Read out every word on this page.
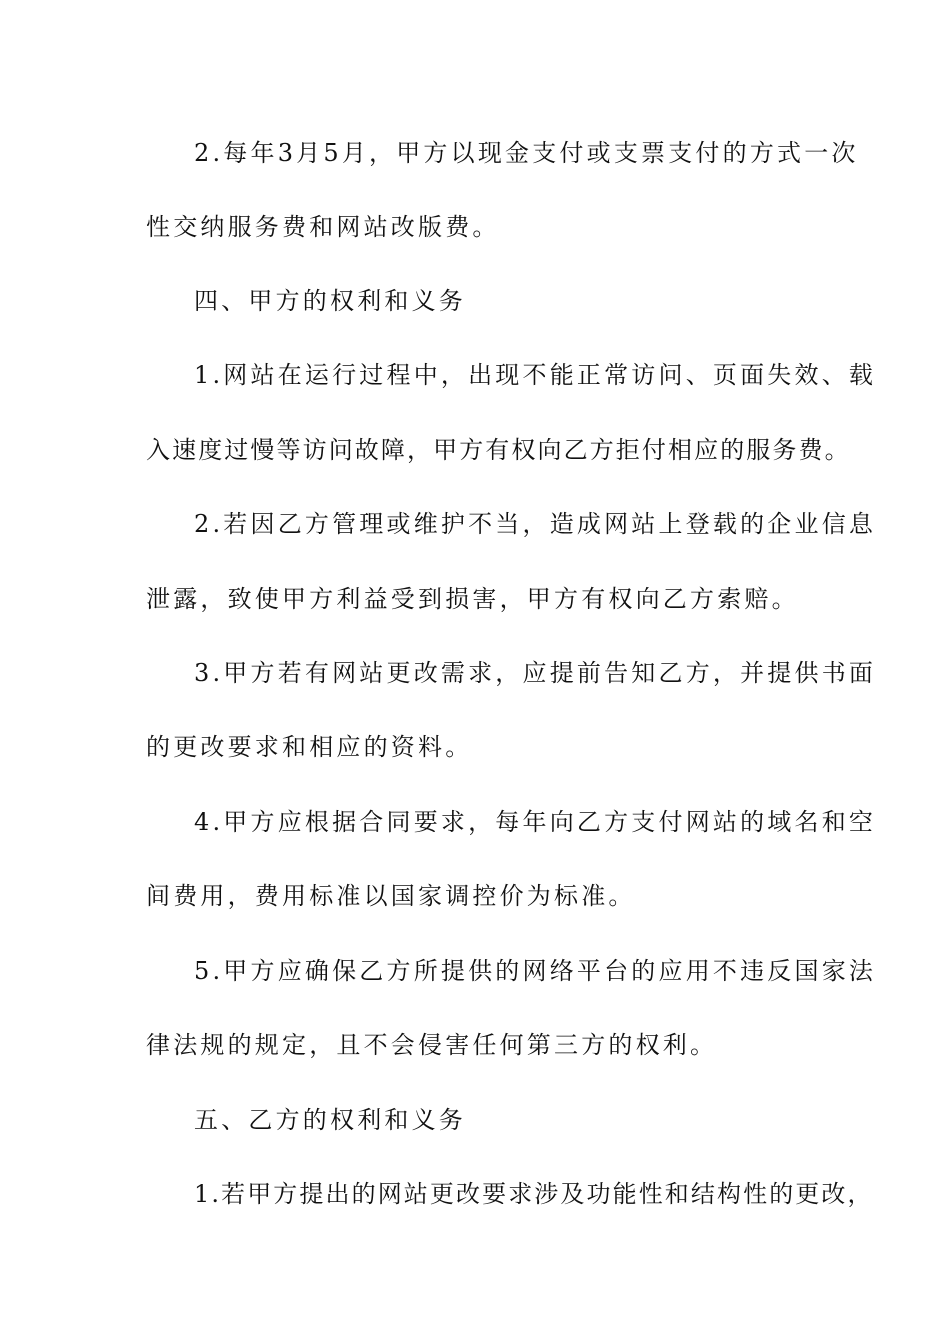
2.每年3月5月，甲方以现金支付或支票支付的方式一次
性交纳服务费和网站改版费。
四、甲方的权利和义务
1.网站在运行过程中，出现不能正常访问、页面失效、载
入速度过慢等访问故障，甲方有权向乙方拒付相应的服务费。
2.若因乙方管理或维护不当，造成网站上登载的企业信息
泄露，致使甲方利益受到损害，甲方有权向乙方索赔。
3.甲方若有网站更改需求，应提前告知乙方，并提供书面
的更改要求和相应的资料。
4.甲方应根据合同要求，每年向乙方支付网站的域名和空
间费用，费用标准以国家调控价为标准。
5.甲方应确保乙方所提供的网络平台的应用不违反国家法
律法规的规定，且不会侵害任何第三方的权利。
五、乙方的权利和义务
1.若甲方提出的网站更改要求涉及功能性和结构性的更改，
